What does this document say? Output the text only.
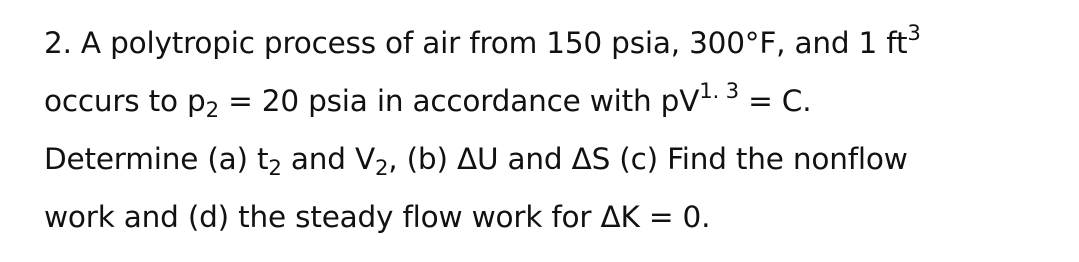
2. A polytropic process of air from 150 psia, 300°F, and 1 $ft^3$
occurs to $p_2 = 20$ psia in accordance with $pV^{1. 3} = C$.
Determine (a) $t_2$ and $V_2$, (b) ΔU and ΔS (c) Find the nonflow
work and (d) the steady flow work for ΔK = 0.
